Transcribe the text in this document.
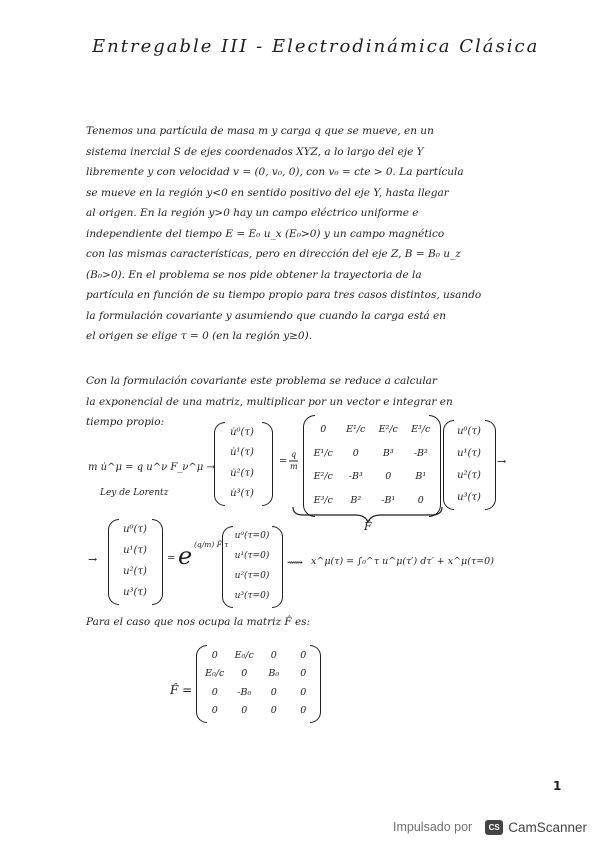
Entregable III - Electrodinámica Clásica
Tenemos una partícula de masa m y carga q que se mueve, en un
sistema inercial S de ejes coordenados XYZ, a lo largo del eje Y
libremente y con velocidad v = (0, v₀, 0), con v₀ = cte > 0. La partícula
se mueve en la región y<0 en sentido positivo del eje Y, hasta llegar
al origen. En la región y>0 hay un campo eléctrico uniforme e
independiente del tiempo E = E₀ u_x (E₀>0) y un campo magnético
con las mismas características, pero en dirección del eje Z, B = B₀ u_z
(B₀>0). En el problema se nos pide obtener la trayectoria de la
partícula en función de su tiempo propio para tres casos distintos, usando
la formulación covariante y asumiendo que cuando la carga está en
el origen se elige τ = 0 (en la región y≥0).
Con la formulación covariante este problema se reduce a calcular
la exponencial de una matriz, multiplicar por un vector e integrar en
tiempo propio:
m u̇^μ = q u^ν F_ν^μ →
Ley de Lorentz
u̇⁰(τ)
u̇¹(τ)
u̇²(τ)
u̇³(τ)
=
q
m
0 E¹/c E²/c E³/c
E¹/c 0	B³ -B²
E²/c -B³ 0	B¹
E³/c B² -B¹ 0
u⁰(τ)
u¹(τ)
u²(τ)
u³(τ)
→
F̂
→
u⁰(τ)
u¹(τ)
u²(τ)
u³(τ)
= e (q/m) F̂ τ
u⁰(τ=0)
u¹(τ=0)
u²(τ=0)
u³(τ=0)
⟿ x^μ(τ) = ∫₀^τ u^μ(τ′) dτ′ + x^μ(τ=0)
Para el caso que nos ocupa la matriz F̂ es:
F̂ =
0 E₀/c 0 0
E₀/c 0 B₀ 0
0 -B₀ 0 0
0 0 0 0
1
Impulsado por	CS CamScanner
